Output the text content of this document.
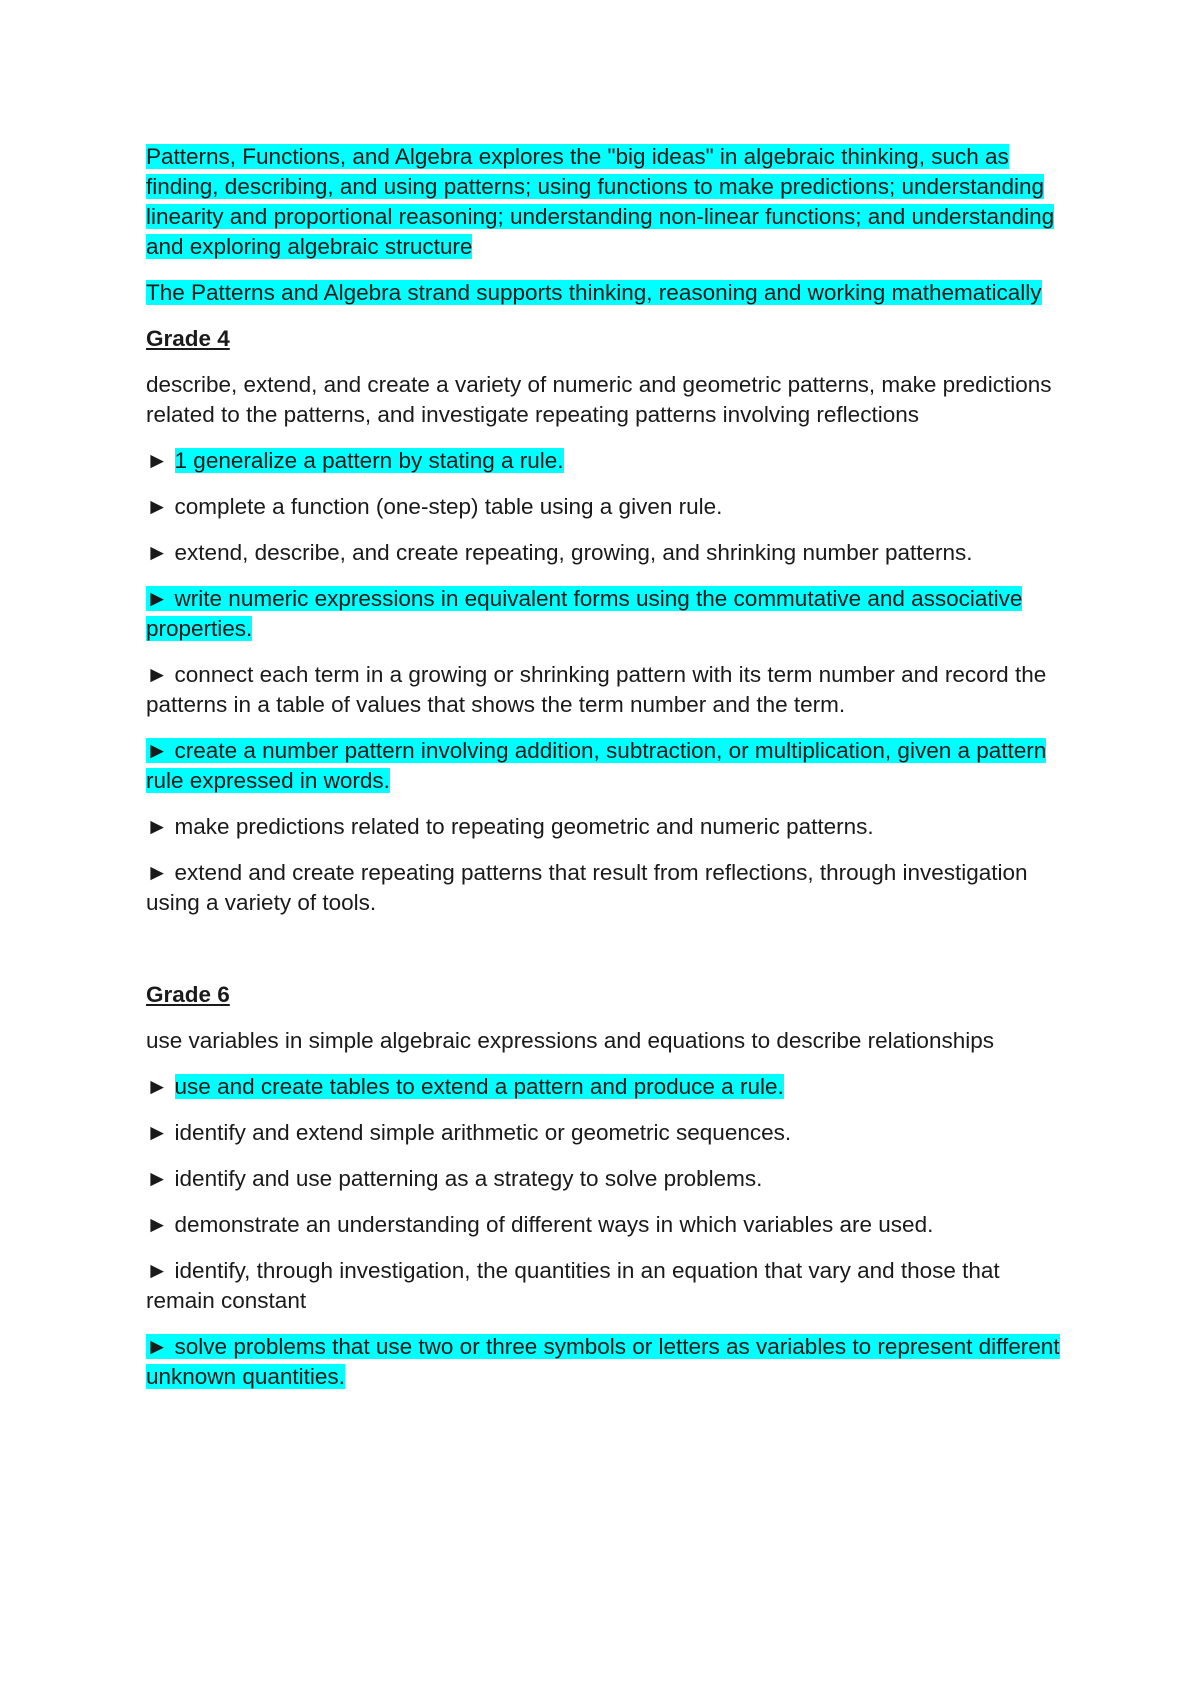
Patterns, Functions, and Algebra explores the "big ideas" in algebraic thinking, such as finding, describing, and using patterns; using functions to make predictions; understanding linearity and proportional reasoning; understanding non-linear functions; and understanding and exploring algebraic structure

The Patterns and Algebra strand supports thinking, reasoning and working mathematically

Grade 4

describe, extend, and create a variety of numeric and geometric patterns, make predictions related to the patterns, and investigate repeating patterns involving reflections

► 1 generalize a pattern by stating a rule.

► complete a function (one-step) table using a given rule.

► extend, describe, and create repeating, growing, and shrinking number patterns.

► write numeric expressions in equivalent forms using the commutative and associative properties.

► connect each term in a growing or shrinking pattern with its term number and record the patterns in a table of values that shows the term number and the term.

► create a number pattern involving addition, subtraction, or multiplication, given a pattern rule expressed in words.

► make predictions related to repeating geometric and numeric patterns.

► extend and create repeating patterns that result from reflections, through investigation using a variety of tools.

Grade 6

use variables in simple algebraic expressions and equations to describe relationships

► use and create tables to extend a pattern and produce a rule.

► identify and extend simple arithmetic or geometric sequences.

► identify and use patterning as a strategy to solve problems.

► demonstrate an understanding of different ways in which variables are used.

► identify, through investigation, the quantities in an equation that vary and those that remain constant

► solve problems that use two or three symbols or letters as variables to represent different unknown quantities.
